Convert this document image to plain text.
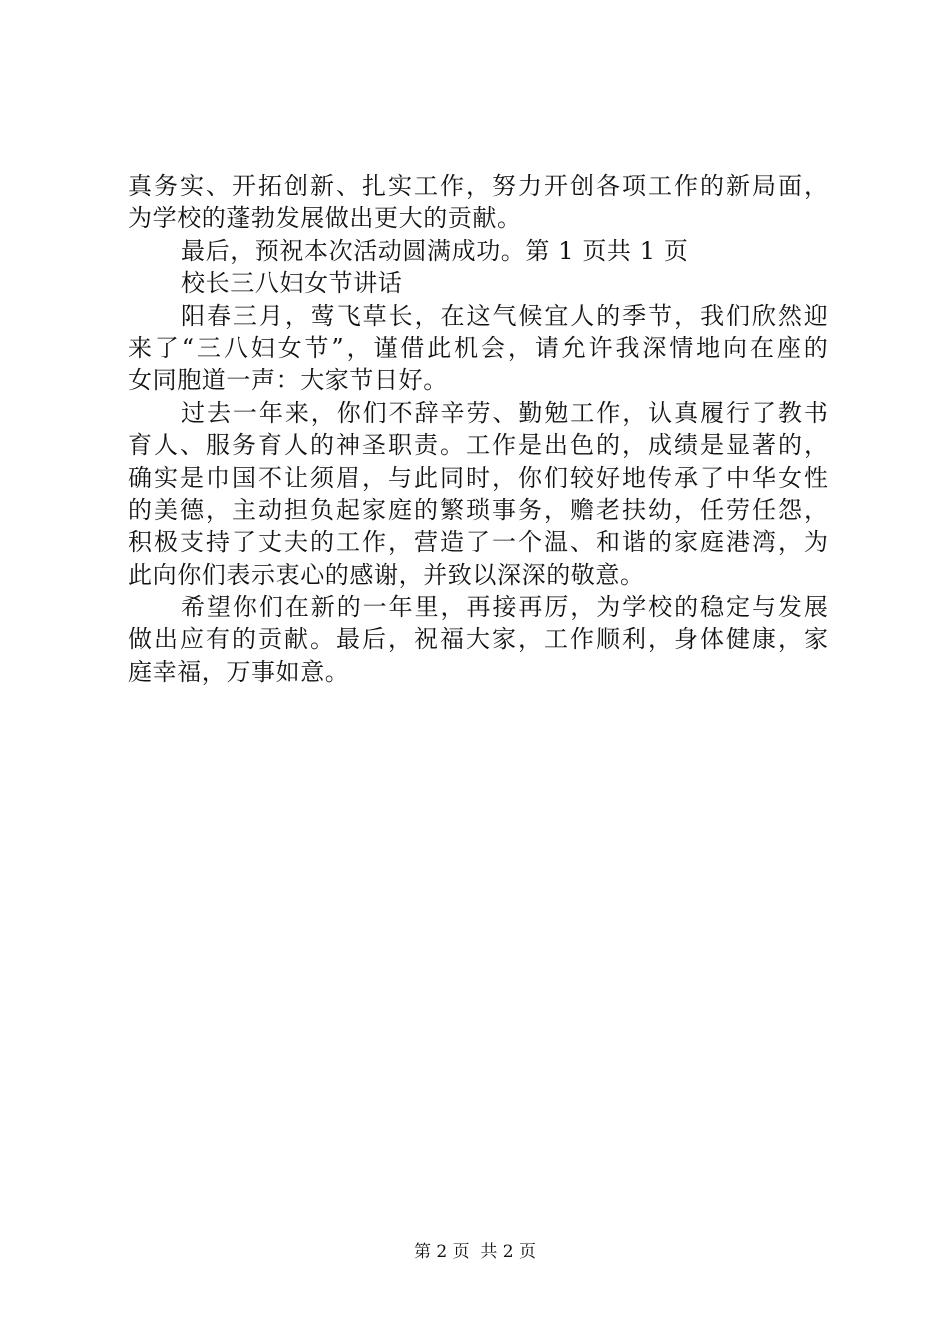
真 务 实 、 开 拓 创 新 、 扎 实 工 作 ， 努 力 开 创 各 项 工 作 的 新 局 面 ，
为学校的蓬勃发展做出更大的贡献。
最后，预祝本次活动圆满成功。第 1 页共 1 页
校长三八妇女节讲话
阳 春 三 月 ， 莺 飞 草 长 ， 在 这 气 候 宜 人 的 季 节 ， 我 们 欣 然 迎
来 了 “ 三 八 妇 女 节 ” ， 谨 借 此 机 会 ， 请 允 许 我 深 情 地 向 在 座 的
女同胞道一声：大家节日好。
过 去 一 年 来 ， 你 们 不 辞 辛 劳 、 勤 勉 工 作 ， 认 真 履 行 了 教 书
育 人 、 服 务 育 人 的 神 圣 职 责 。 工 作 是 出 色 的 ， 成 绩 是 显 著 的 ，
确 实 是 巾 国 不 让 须 眉 ， 与 此 同 时 ， 你 们 较 好 地 传 承 了 中 华 女 性
的 美 德 ， 主 动 担 负 起 家 庭 的 繁 琐 事 务 ， 赡 老 扶 幼 ， 任 劳 任 怨 ，
积 极 支 持 了 丈 夫 的 工 作 ， 营 造 了 一 个 温 、 和 谐 的 家 庭 港 湾 ， 为
此向你们表示衷心的感谢，并致以深深的敬意。
希 望 你 们 在 新 的 一 年 里 ， 再 接 再 厉 ， 为 学 校 的 稳 定 与 发 展
做 出 应 有 的 贡 献 。 最 后 ， 祝 福 大 家 ， 工 作 顺 利 ， 身 体 健 康 ， 家
庭幸福，万事如意。
第 2 页  共 2 页
